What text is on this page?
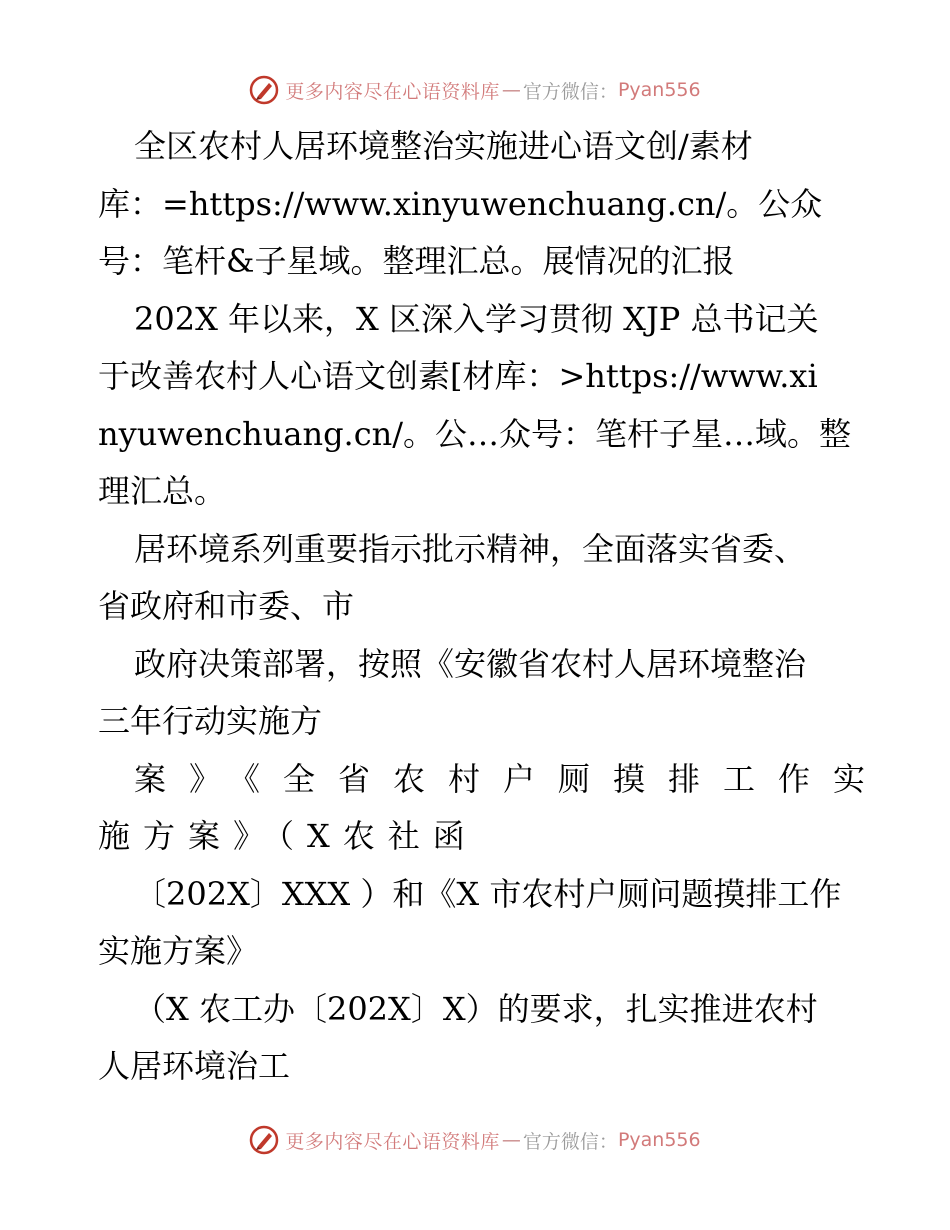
更多内容尽在心语资料库 — 官方微信： Pyan556

全区农村人居环境整治实施进心语文创/素材
库：=https://www.xinyuwenchuang.cn/。公众
号：笔杆&子星域。整理汇总。展情况的汇报

202X 年以来，X 区深入学习贯彻 XJP 总书记关
于改善农村人心语文创素[材库：>https://www.xi
nyuwenchuang.cn/。公…众号：笔杆子星…域。整
理汇总。

居环境系列重要指示批示精神，全面落实省委、
省政府和市委、市

政府决策部署，按照《安徽省农村人居环境整治
三年行动实施方

案》《全省农村户厕摸排工作实
施方案》（X农社函

〔202X〕XXX ）和《X 市农村户厕问题摸排工作
实施方案》

（X 农工办〔202X〕X）的要求，扎实推进农村
人居环境治工

更多内容尽在心语资料库 — 官方微信： Pyan556
